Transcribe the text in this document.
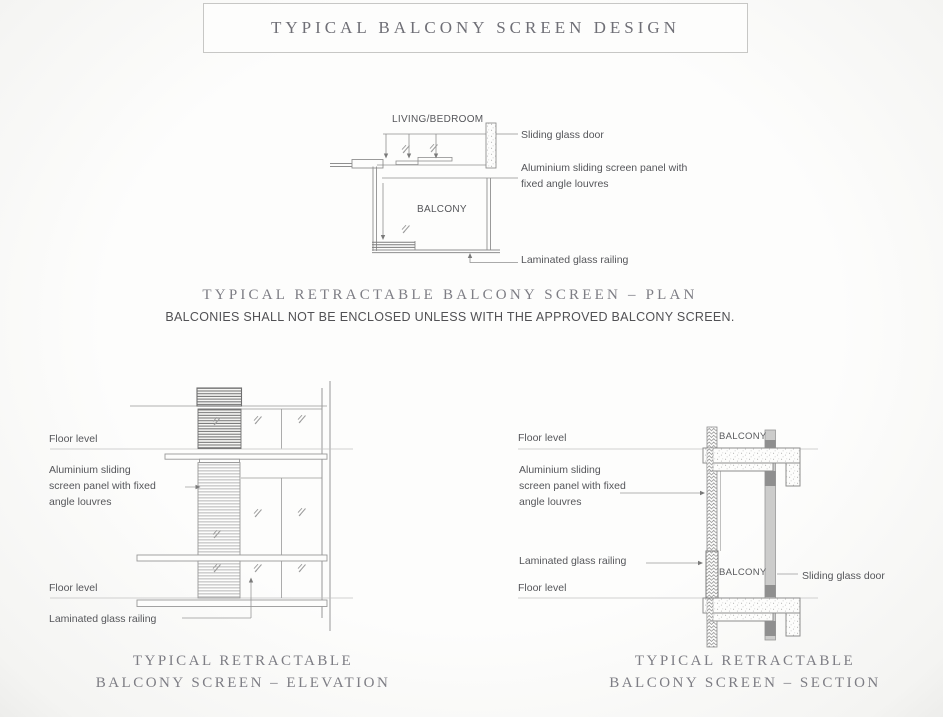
TYPICAL BALCONY SCREEN DESIGN
LIVING/BEDROOM
BALCONY
Sliding glass door
Aluminium sliding screen panel with fixed angle louvres
Laminated glass railing
TYPICAL RETRACTABLE BALCONY SCREEN – PLAN
BALCONIES SHALL NOT BE ENCLOSED UNLESS WITH THE APPROVED BALCONY SCREEN.
Floor level
Aluminium sliding screen panel with fixed angle louvres
Floor level
Laminated glass railing
TYPICAL RETRACTABLE
BALCONY SCREEN – ELEVATION
Floor level
Aluminium sliding screen panel with fixed angle louvres
Laminated glass railing
Floor level
BALCONY
BALCONY	Sliding glass door
TYPICAL RETRACTABLE
BALCONY SCREEN – SECTION
